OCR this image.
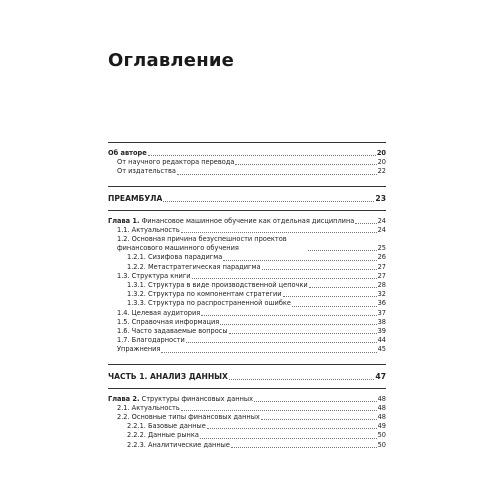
Оглавление
Об авторе	20
От научного редактора перевода	20
От издательства	22
ПРЕАМБУЛА	23
Глава 1. Финансовое машинное обучение как отдельная дисциплина	24
1.1. Актуальность	24
1.2. Основная причина безуспешности проектов финансового машинного обучения	25
1.2.1. Сизифова парадигма	26
1.2.2. Метастратегическая парадигма	27
1.3. Структура книги	27
1.3.1. Структура в виде производственной цепочки	28
1.3.2. Структура по компонентам стратегии	32
1.3.3. Структура по распространенной ошибке	36
1.4. Целевая аудитория	37
1.5. Справочная информация	38
1.6. Часто задаваемые вопросы	39
1.7. Благодарности	44
Упражнения	45
ЧАСТЬ 1. АНАЛИЗ ДАННЫХ	47
Глава 2. Структуры финансовых данных	48
2.1. Актуальность	48
2.2. Основные типы финансовых данных	48
2.2.1. Базовые данные	49
2.2.2. Данные рынка	50
2.2.3. Аналитические данные	50
